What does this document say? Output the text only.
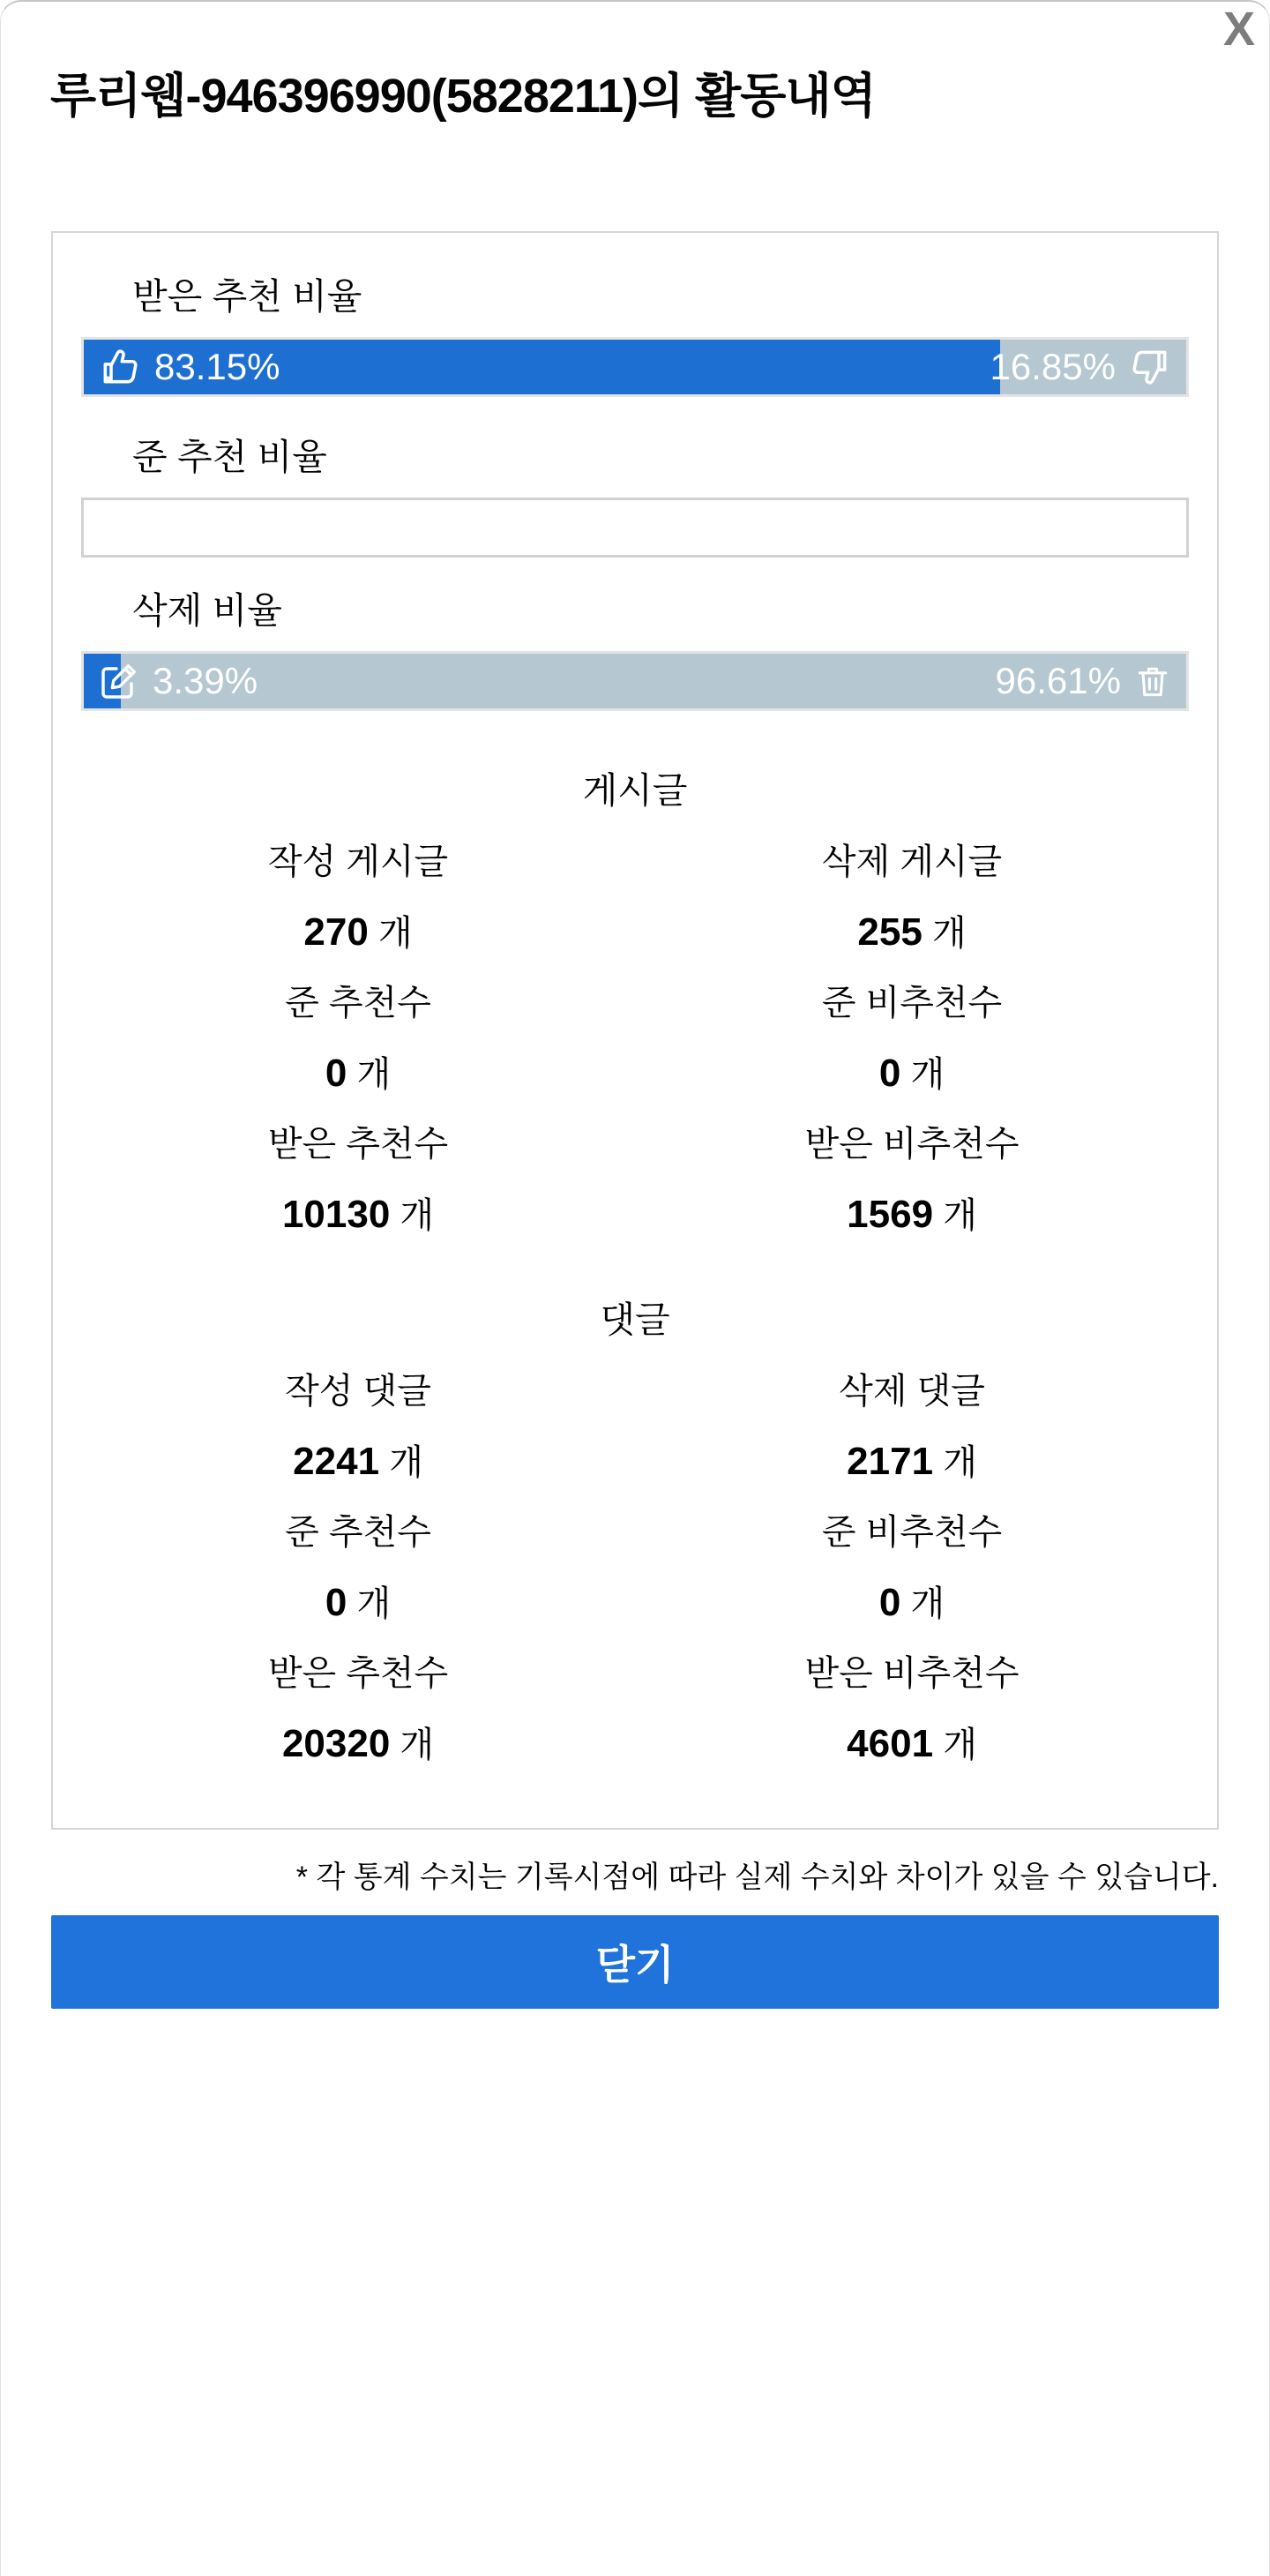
루리웹-946396990(5828211)의 활동내역
X
받은 추천 비율
83.15%	16.85%
준 추천 비율
삭제 비율
3.39%	96.61%
게시글
작성 게시글
270 개
준 추천수
0 개
받은 추천수
10130 개
삭제 게시글
255 개
준 비추천수
0 개
받은 비추천수
1569 개
댓글
작성 댓글
2241 개
준 추천수
0 개
받은 추천수
20320 개
삭제 댓글
2171 개
준 비추천수
0 개
받은 비추천수
4601 개
* 각 통계 수치는 기록시점에 따라 실제 수치와 차이가 있을 수 있습니다.
닫기
